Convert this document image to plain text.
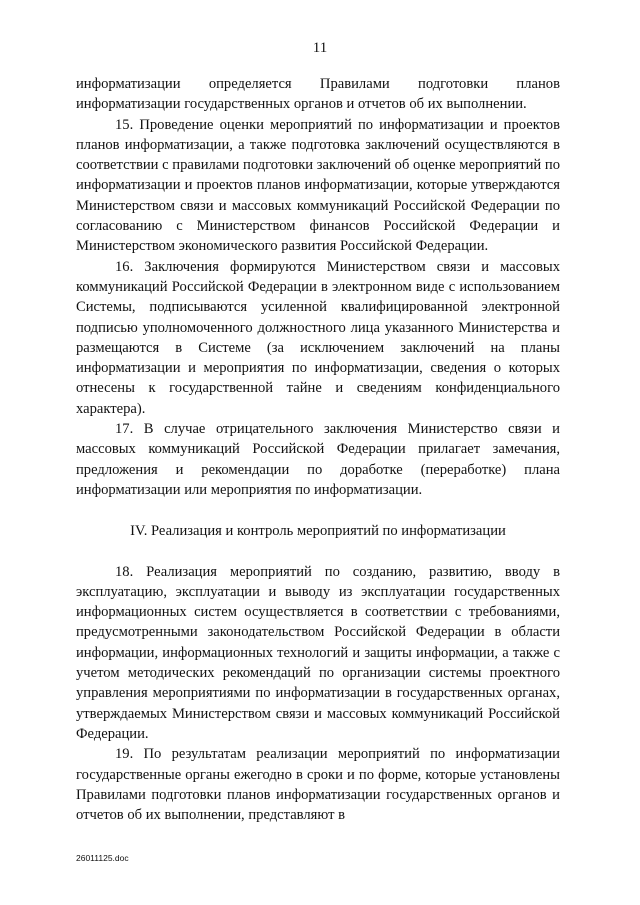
11

информатизации определяется Правилами подготовки планов информатизации государственных органов и отчетов об их выполнении.

15. Проведение оценки мероприятий по информатизации и проектов планов информатизации, а также подготовка заключений осуществляются в соответствии с правилами подготовки заключений об оценке мероприятий по информатизации и проектов планов информатизации, которые утверждаются Министерством связи и массовых коммуникаций Российской Федерации по согласованию с Министерством финансов Российской Федерации и Министерством экономического развития Российской Федерации.

16. Заключения формируются Министерством связи и массовых коммуникаций Российской Федерации в электронном виде с использованием Системы, подписываются усиленной квалифицированной электронной подписью уполномоченного должностного лица указанного Министерства и размещаются в Системе (за исключением заключений на планы информатизации и мероприятия по информатизации, сведения о которых отнесены к государственной тайне и сведениям конфиденциального характера).

17. В случае отрицательного заключения Министерство связи и массовых коммуникаций Российской Федерации прилагает замечания, предложения и рекомендации по доработке (переработке) плана информатизации или мероприятия по информатизации.

IV. Реализация и контроль мероприятий по информатизации

18. Реализация мероприятий по созданию, развитию, вводу в эксплуатацию, эксплуатации и выводу из эксплуатации государственных информационных систем осуществляется в соответствии с требованиями, предусмотренными законодательством Российской Федерации в области информации, информационных технологий и защиты информации, а также с учетом методических рекомендаций по организации системы проектного управления мероприятиями по информатизации в государственных органах, утверждаемых Министерством связи и массовых коммуникаций Российской Федерации.

19. По результатам реализации мероприятий по информатизации государственные органы ежегодно в сроки и по форме, которые установлены Правилами подготовки планов информатизации государственных органов и отчетов об их выполнении, представляют в

26011125.doc
